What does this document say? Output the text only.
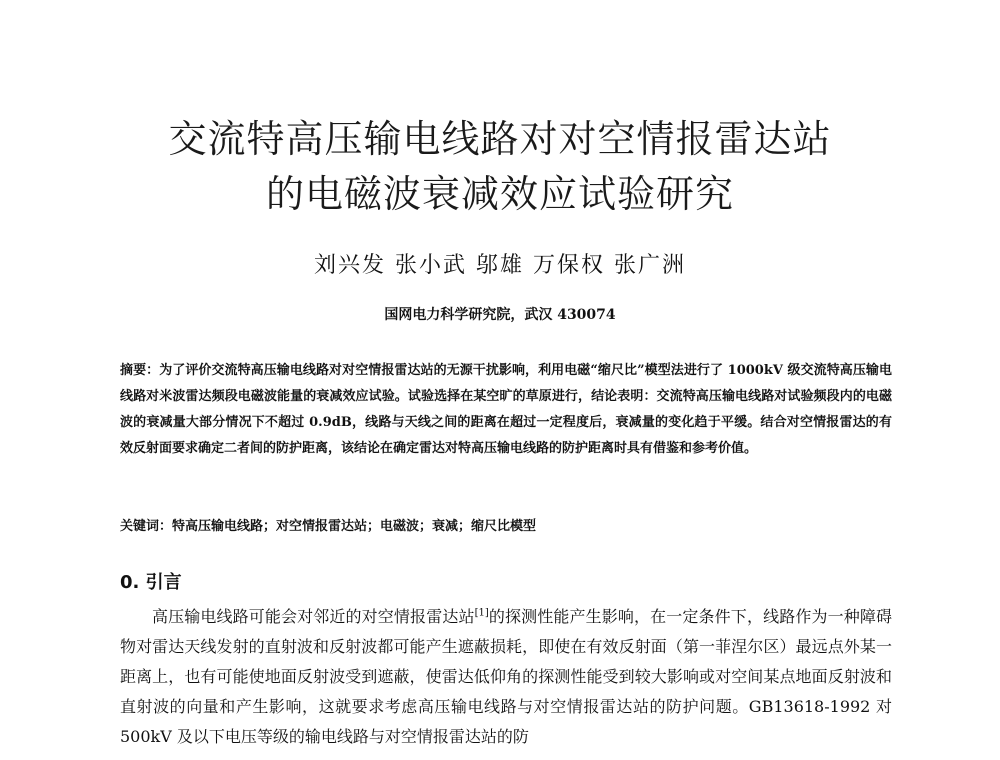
交流特高压输电线路对对空情报雷达站
的电磁波衰减效应试验研究
刘兴发 张小武 邬雄 万保权 张广洲
国网电力科学研究院，武汉 430074
摘要：为了评价交流特高压输电线路对对空情报雷达站的无源干扰影响，利用电磁“缩尺比”模型法进行了 1000kV 级交流特高压输电线路对米波雷达频段电磁波能量的衰减效应试验。试验选择在某空旷的草原进行，结论表明：交流特高压输电线路对试验频段内的电磁波的衰减量大部分情况下不超过 0.9dB，线路与天线之间的距离在超过一定程度后，衰减量的变化趋于平缓。结合对空情报雷达的有效反射面要求确定二者间的防护距离，该结论在确定雷达对特高压输电线路的防护距离时具有借鉴和参考价值。
关键词：特高压输电线路；对空情报雷达站；电磁波；衰减；缩尺比模型
0. 引言
高压输电线路可能会对邻近的对空情报雷达站[1]的探测性能产生影响，在一定条件下，线路作为一种障碍物对雷达天线发射的直射波和反射波都可能产生遮蔽损耗，即使在有效反射面（第一菲涅尔区）最远点外某一距离上，也有可能使地面反射波受到遮蔽，使雷达低仰角的探测性能受到较大影响或对空间某点地面反射波和直射波的向量和产生影响，这就要求考虑高压输电线路与对空情报雷达站的防护问题。GB13618-1992 对 500kV 及以下电压等级的输电线路与对空情报雷达站的防
